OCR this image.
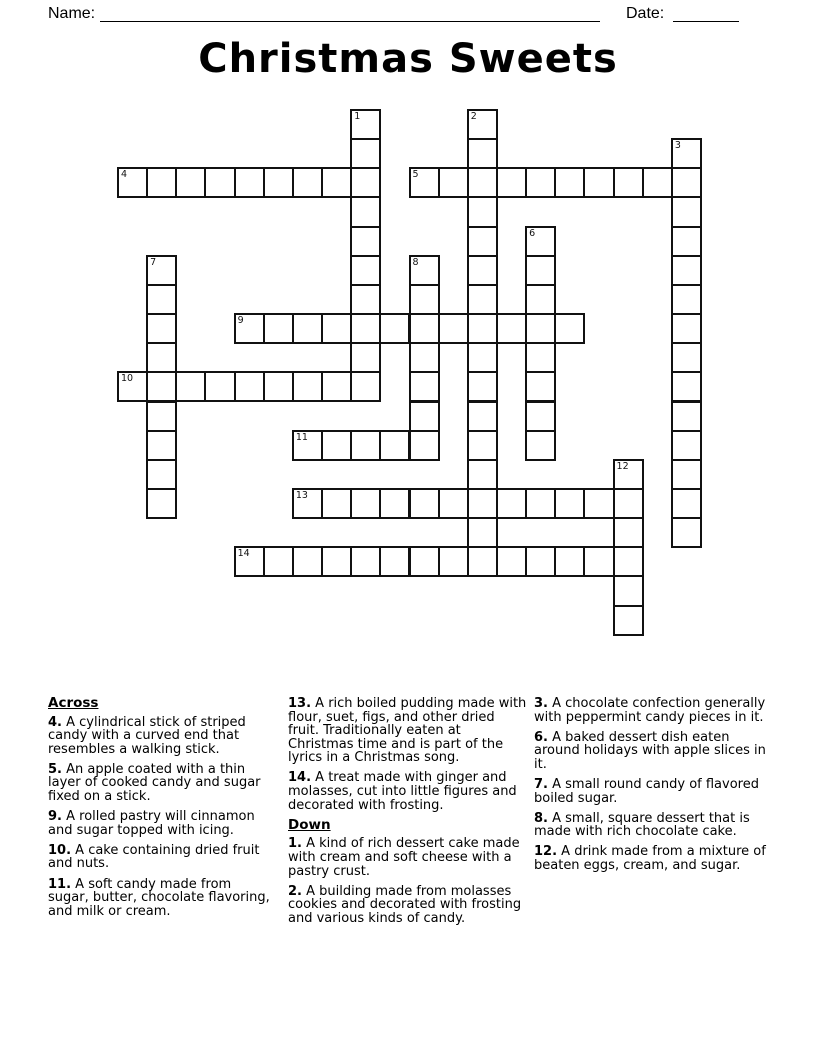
Name:	Date:
Christmas Sweets
1	2
3
4	5
6
7	8
9
10
11
12
13
14
Across
4. A cylindrical stick of striped candy with a curved end that resembles a walking stick.
5. An apple coated with a thin layer of cooked candy and sugar fixed on a stick.
9. A rolled pastry will cinnamon and sugar topped with icing.
10. A cake containing dried fruit and nuts.
11. A soft candy made from sugar, butter, chocolate flavoring, and milk or cream.
13. A rich boiled pudding made with flour, suet, figs, and other dried fruit. Traditionally eaten at Christmas time and is part of the lyrics in a Christmas song.
14. A treat made with ginger and molasses, cut into little figures and decorated with frosting.
Down
1. A kind of rich dessert cake made with cream and soft cheese with a pastry crust.
2. A building made from molasses cookies and decorated with frosting and various kinds of candy.
3. A chocolate confection generally with peppermint candy pieces in it.
6. A baked dessert dish eaten around holidays with apple slices in it.
7. A small round candy of flavored boiled sugar.
8. A small, square dessert that is made with rich chocolate cake.
12. A drink made from a mixture of beaten eggs, cream, and sugar.
